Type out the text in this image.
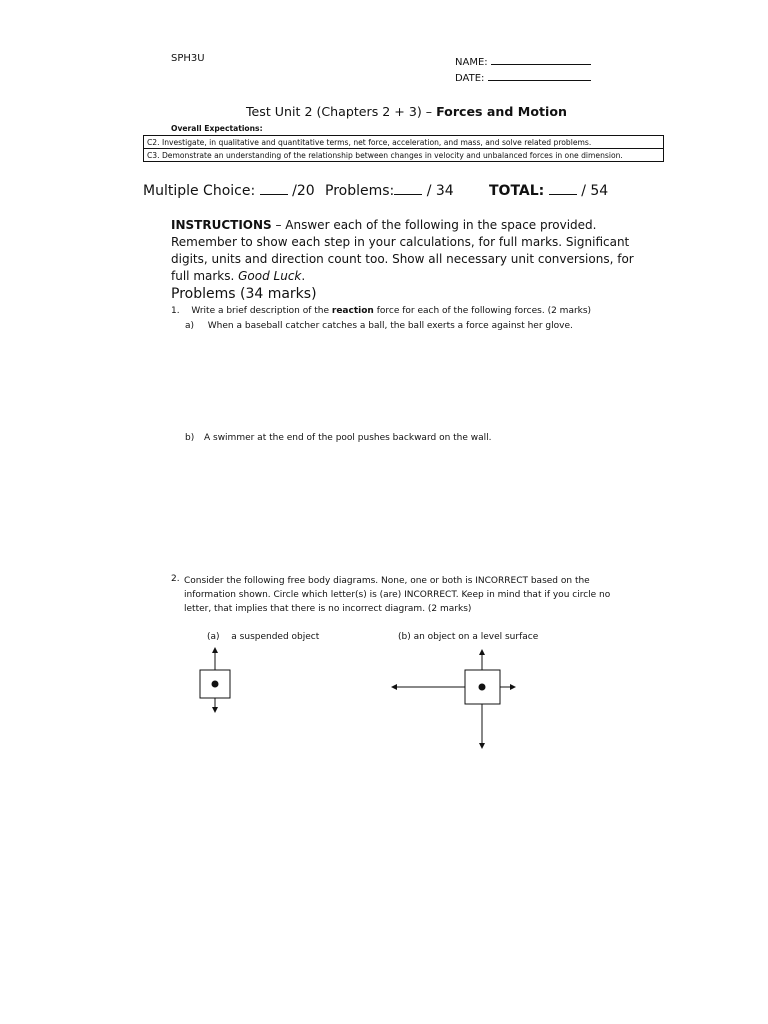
SPH3U	NAME:
DATE:
Test Unit 2 (Chapters 2 + 3) – Forces and Motion
Overall Expectations:
C2. Investigate, in qualitative and quantitative terms, net force, acceleration, and mass, and solve related problems.
C3. Demonstrate an understanding of the relationship between changes in velocity and unbalanced forces in one dimension.
Multiple Choice:	/20 Problems: / 34	TOTAL:	/ 54
INSTRUCTIONS – Answer each of the following in the space provided. Remember to show each step in your calculations, for full marks. Significant digits, units and direction count too. Show all necessary unit conversions, for full marks. Good Luck.
Problems (34 marks)
1. Write a brief description of the reaction force for each of the following forces. (2 marks)
a) When a baseball catcher catches a ball, the ball exerts a force against her glove.
b) A swimmer at the end of the pool pushes backward on the wall.
2. Consider the following free body diagrams. None, one or both is INCORRECT based on the information shown. Circle which letter(s) is (are) INCORRECT. Keep in mind that if you circle no letter, that implies that there is no incorrect diagram. (2 marks)
(a) a suspended object	(b) an object on a level surface
